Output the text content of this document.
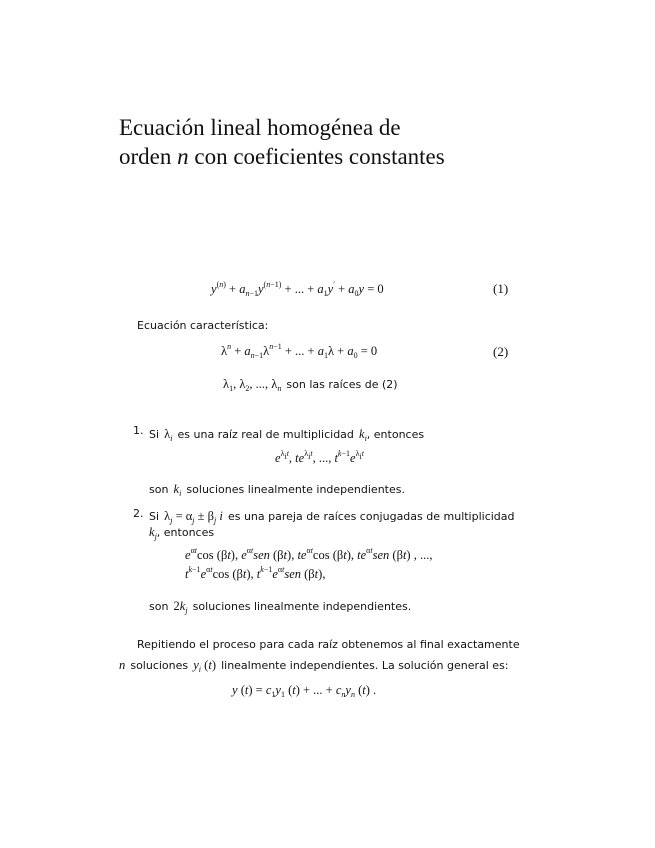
Ecuación lineal homogénea de
orden n con coeficientes constantes
$y^{(n)} + a_{n-1}y^{(n-1)}$ + ... + $a_1y' + a_0y = 0$	(1)
Ecuación característica:
$\lambda^n + a_{n-1}\lambda^{n-1}$ + ... + $a_1\lambda + a_0 = 0$	(2)
$\lambda_1$, $\lambda_2$, ..., $\lambda_n$ son las raíces de (2)
1. Si $\lambda_i$ es una raíz real de multiplicidad $k_i$, entonces
$e^{\lambda_it}$, $te^{\lambda_it}$, ..., $t^{k-1}e^{\lambda_it}$
son $k_i$ soluciones linealmente independientes.
2. Si $\lambda_j = \alpha_j \pm \beta_j$ i es una pareja de raíces conjugadas de multiplicidad
$k_j$, entonces
$e^{\alpha t}\cos$ (βt), $e^{\alpha t}sen$ (βt), $te^{\alpha t}\cos$ (βt), $te^{\alpha t}sen$ (βt) , ...,
$t^{k-1}e^{\alpha t}\cos$ (βt), $t^{k-1}e^{\alpha t}sen$ (βt),
son $2k_j$ soluciones linealmente independientes.
Repitiendo el proceso para cada raíz obtenemos al final exactamente
n soluciones $y_i$ (t) linealmente independientes. La solución general es:
y $(t) = c_1y_1$ (t) + ... + $c_ny_n$ (t) .
